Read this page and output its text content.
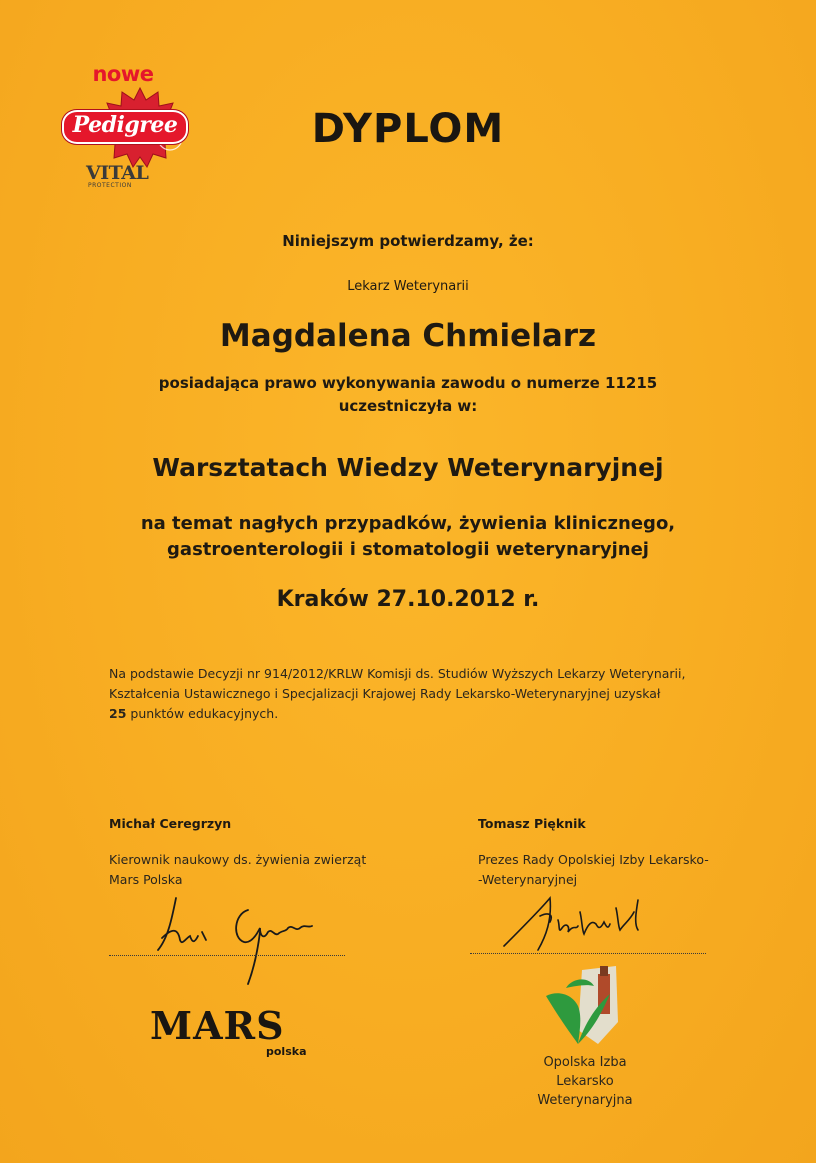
nowe
Pedigree
VITAL
PROTECTION

DYPLOM

Niniejszym potwierdzamy, że:

Lekarz Weterynarii

Magdalena Chmielarz

posiadająca prawo wykonywania zawodu o numerze 11215

uczestniczyła w:

Warsztatach Wiedzy Weterynaryjnej

na temat nagłych przypadków, żywienia klinicznego,

gastroenterologii i stomatologii weterynaryjnej

Kraków 27.10.2012 r.

Na podstawie Decyzji nr 914/2012/KRLW Komisji ds. Studiów Wyższych Lekarzy Weterynarii,

Kształcenia Ustawicznego i Specjalizacji Krajowej Rady Lekarsko-Weterynaryjnej uzyskał

25 punktów edukacyjnych.

Michał Ceregrzyn

Kierownik naukowy ds. żywienia zwierząt

Mars Polska

Tomasz Pięknik

Prezes Rady Opolskiej Izby Lekarsko-

-Weterynaryjnej

MARS

polska

Opolska Izba

Lekarsko

Weterynaryjna
